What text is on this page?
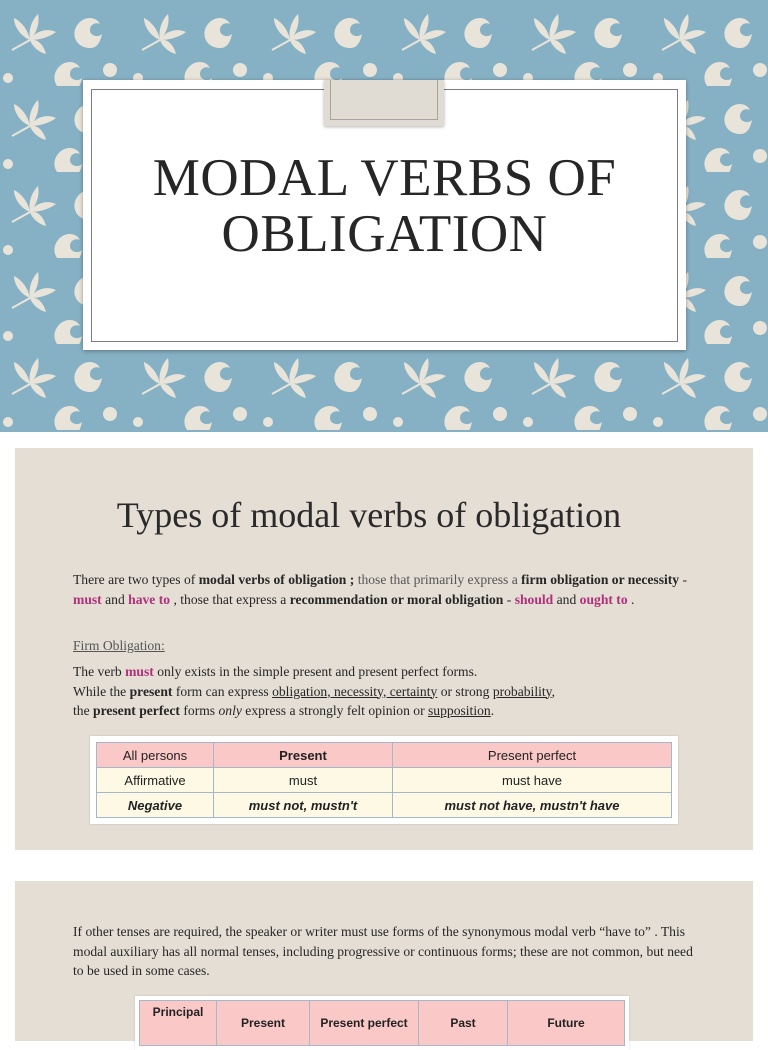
MODAL VERBS OF
OBLIGATION
Types of modal verbs of obligation
There are two types of modal verbs of obligation ; those that primarily express a firm obligation or necessity - must and have to , those that express a recommendation or moral obligation - should and ought to .
Firm Obligation:
The verb must only exists in the simple present and present perfect forms.
While the present form can express obligation, necessity, certainty or strong probability,
the present perfect forms only express a strongly felt opinion or supposition.
All persons	Present	Present perfect
Affirmative	must	must have
Negative	must not, mustn't	must not have, mustn't have
If other tenses are required, the speaker or writer must use forms of the synonymous modal verb “have to” . This modal auxiliary has all normal tenses, including progressive or continuous forms; these are not common, but need to be used in some cases.
Principal	Present	Present perfect	Past	Future
